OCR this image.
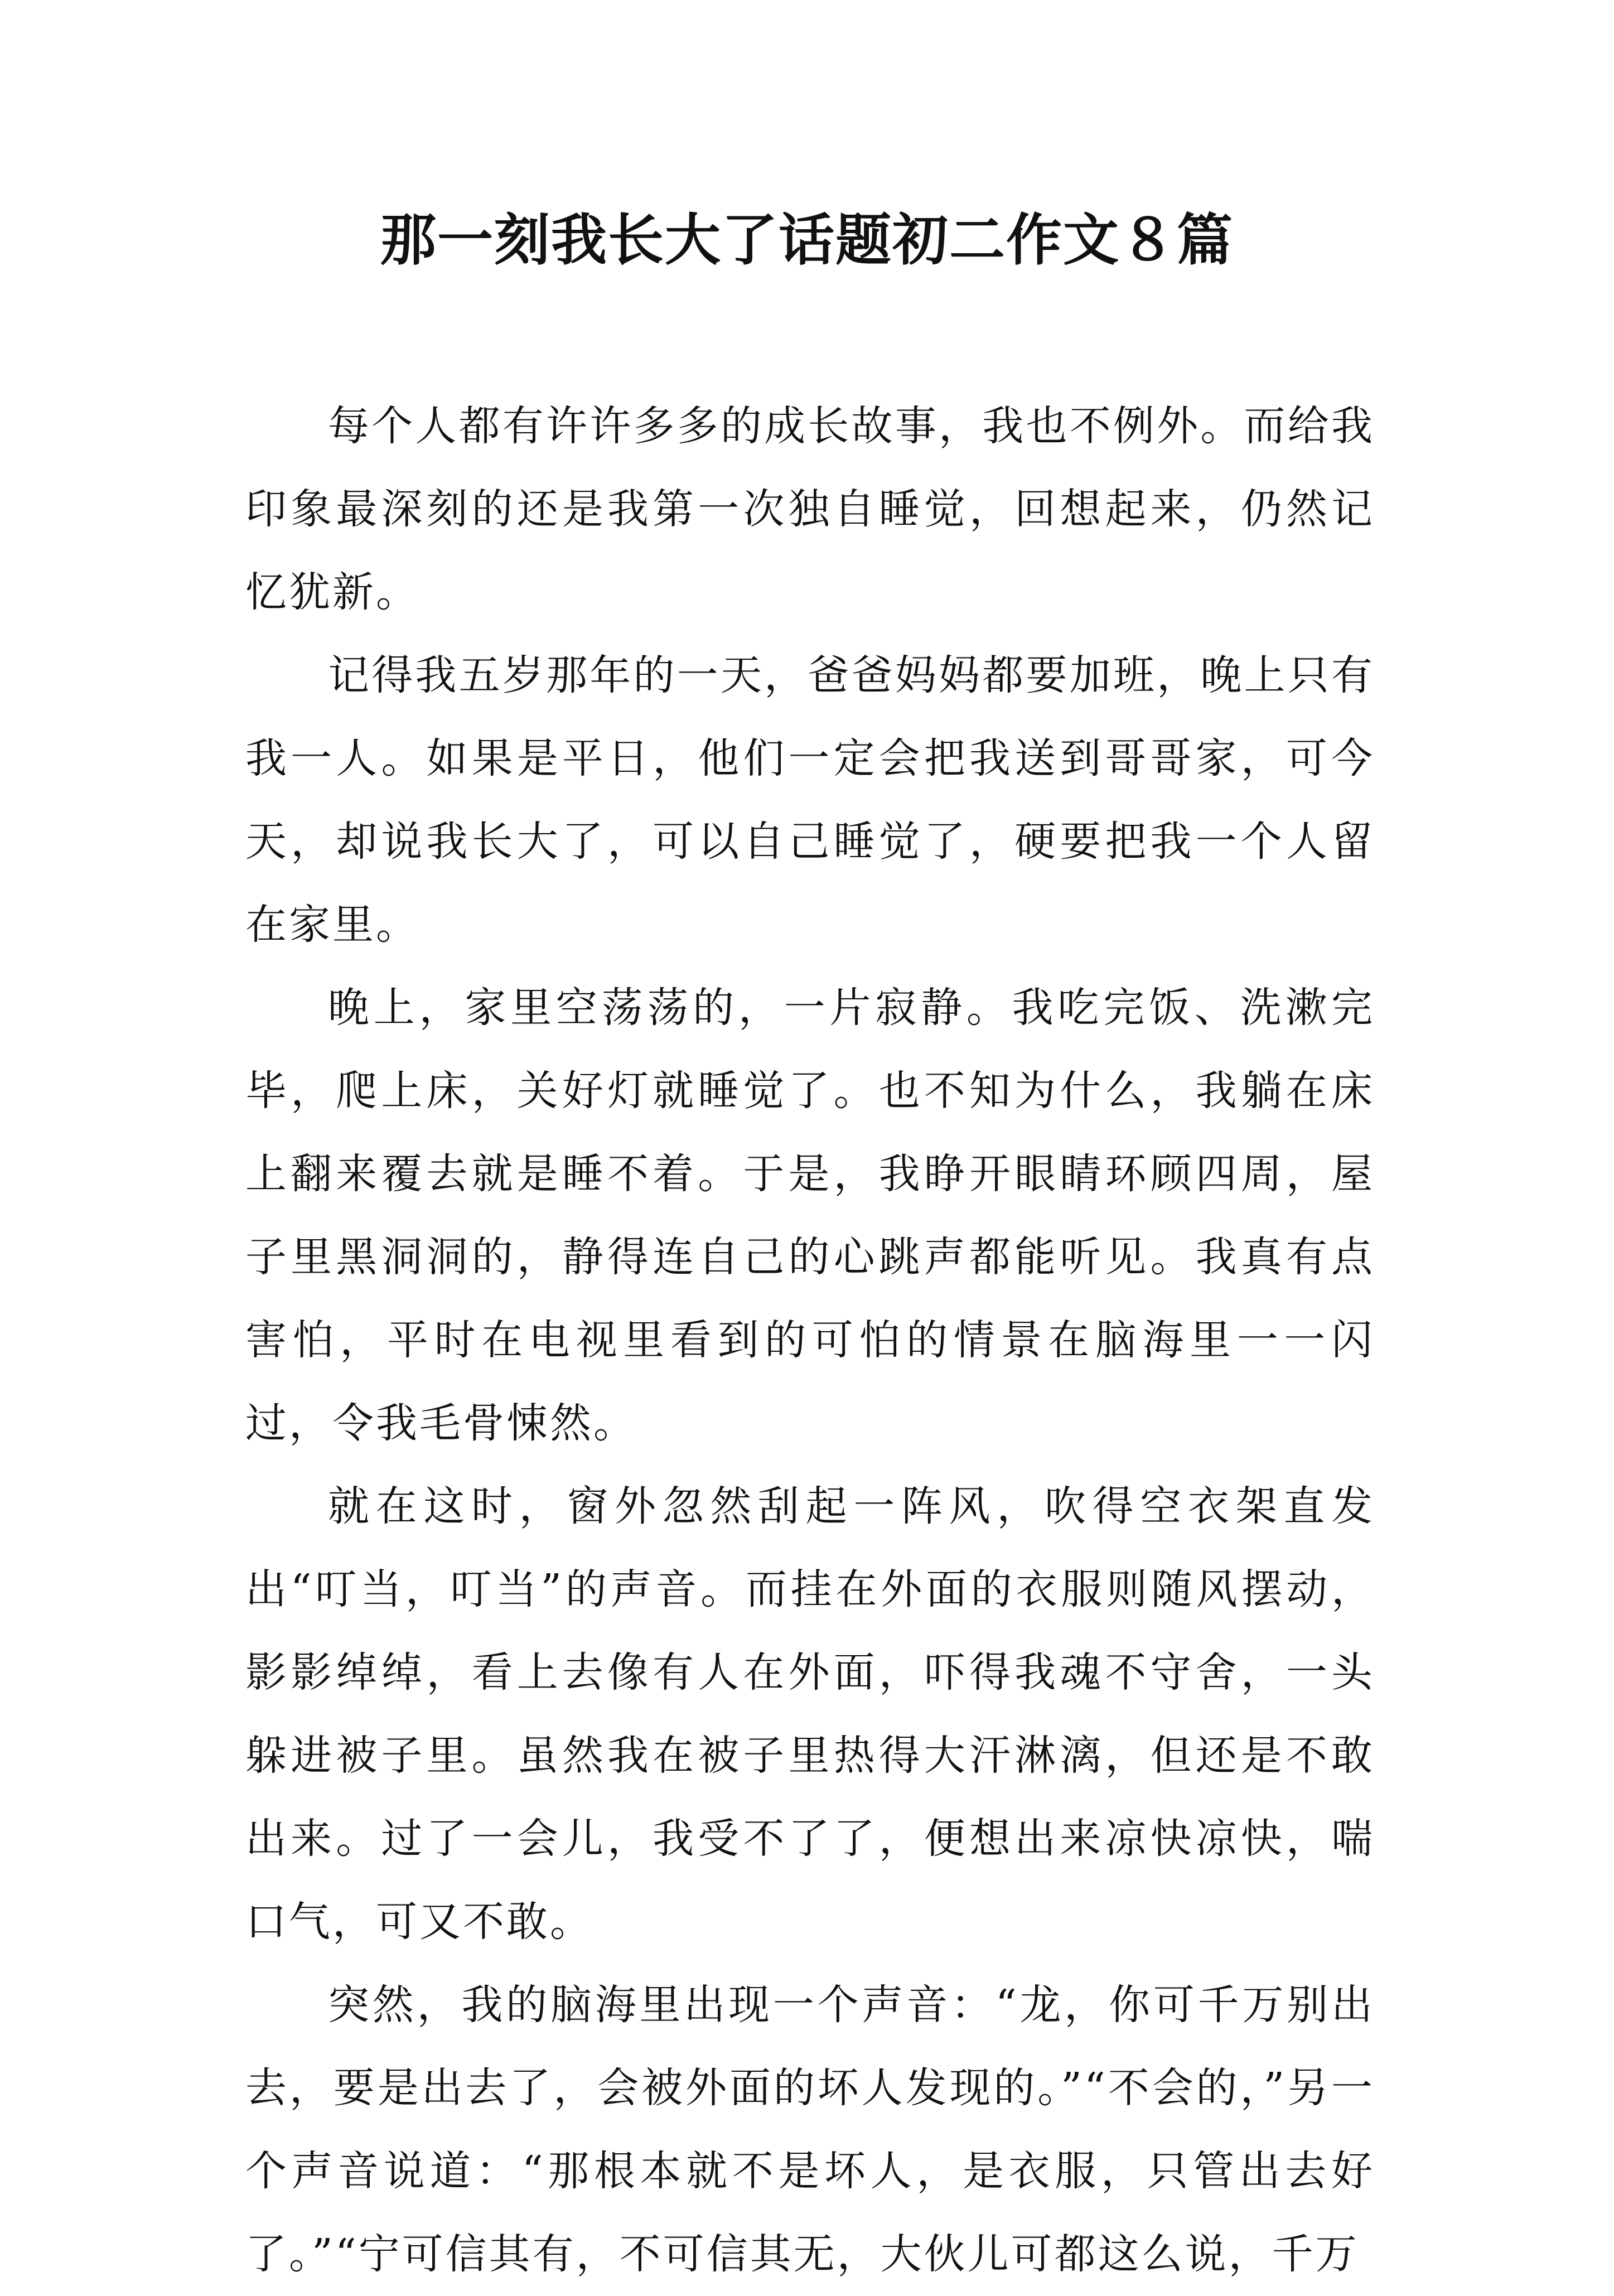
那一刻我长大了话题初二作文８篇

每个人都有许许多多的成长故事，我也不例外。而给我印象最深刻的还是我第一次独自睡觉，回想起来，仍然记忆犹新。

记得我五岁那年的一天，爸爸妈妈都要加班，晚上只有我一人。如果是平日，他们一定会把我送到哥哥家，可今天，却说我长大了，可以自己睡觉了，硬要把我一个人留在家里。

晚上，家里空荡荡的，一片寂静。我吃完饭、洗漱完毕，爬上床，关好灯就睡觉了。也不知为什么，我躺在床上翻来覆去就是睡不着。于是，我睁开眼睛环顾四周，屋子里黑洞洞的，静得连自己的心跳声都能听见。我真有点害怕，平时在电视里看到的可怕的情景在脑海里一一闪过，令我毛骨悚然。

就在这时，窗外忽然刮起一阵风，吹得空衣架直发出“叮当，叮当”的声音。而挂在外面的衣服则随风摆动，影影绰绰，看上去像有人在外面，吓得我魂不守舍，一头躲进被子里。虽然我在被子里热得大汗淋漓，但还是不敢出来。过了一会儿，我受不了了，便想出来凉快凉快，喘口气，可又不敢。

突然，我的脑海里出现一个声音：“龙，你可千万别出去，要是出去了，会被外面的坏人发现的。”“不会的，”另一个声音说道：“那根本就不是坏人，是衣服，只管出去好了。”“宁可信其有，不可信其无，大伙儿可都这么说，千万
